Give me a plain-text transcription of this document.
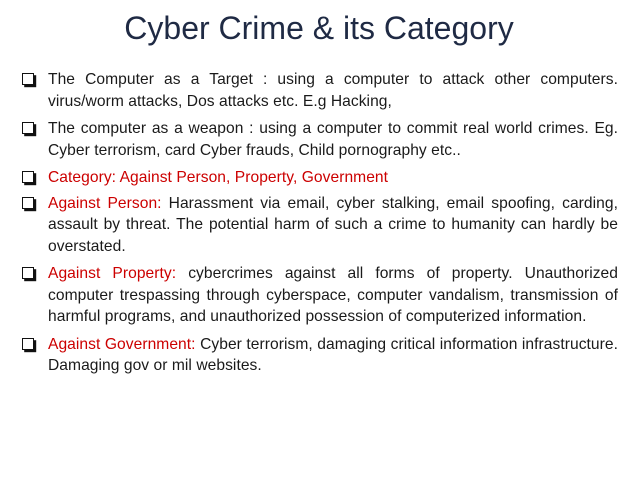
Cyber Crime & its Category
The Computer as a Target : using a computer to attack other computers. virus/worm attacks, Dos attacks etc. E.g Hacking,
The computer as a weapon : using a computer to commit real world crimes. Eg. Cyber terrorism, card Cyber frauds, Child pornography etc..
Category: Against Person, Property, Government
Against Person: Harassment via email, cyber stalking, email spoofing, carding, assault by threat. The potential harm of such a crime to humanity can hardly be overstated.
Against Property: cybercrimes against all forms of property. Unauthorized computer trespassing through cyberspace, computer vandalism, transmission of harmful programs, and unauthorized possession of computerized information.
Against Government: Cyber terrorism, damaging critical information infrastructure. Damaging gov or mil websites.
